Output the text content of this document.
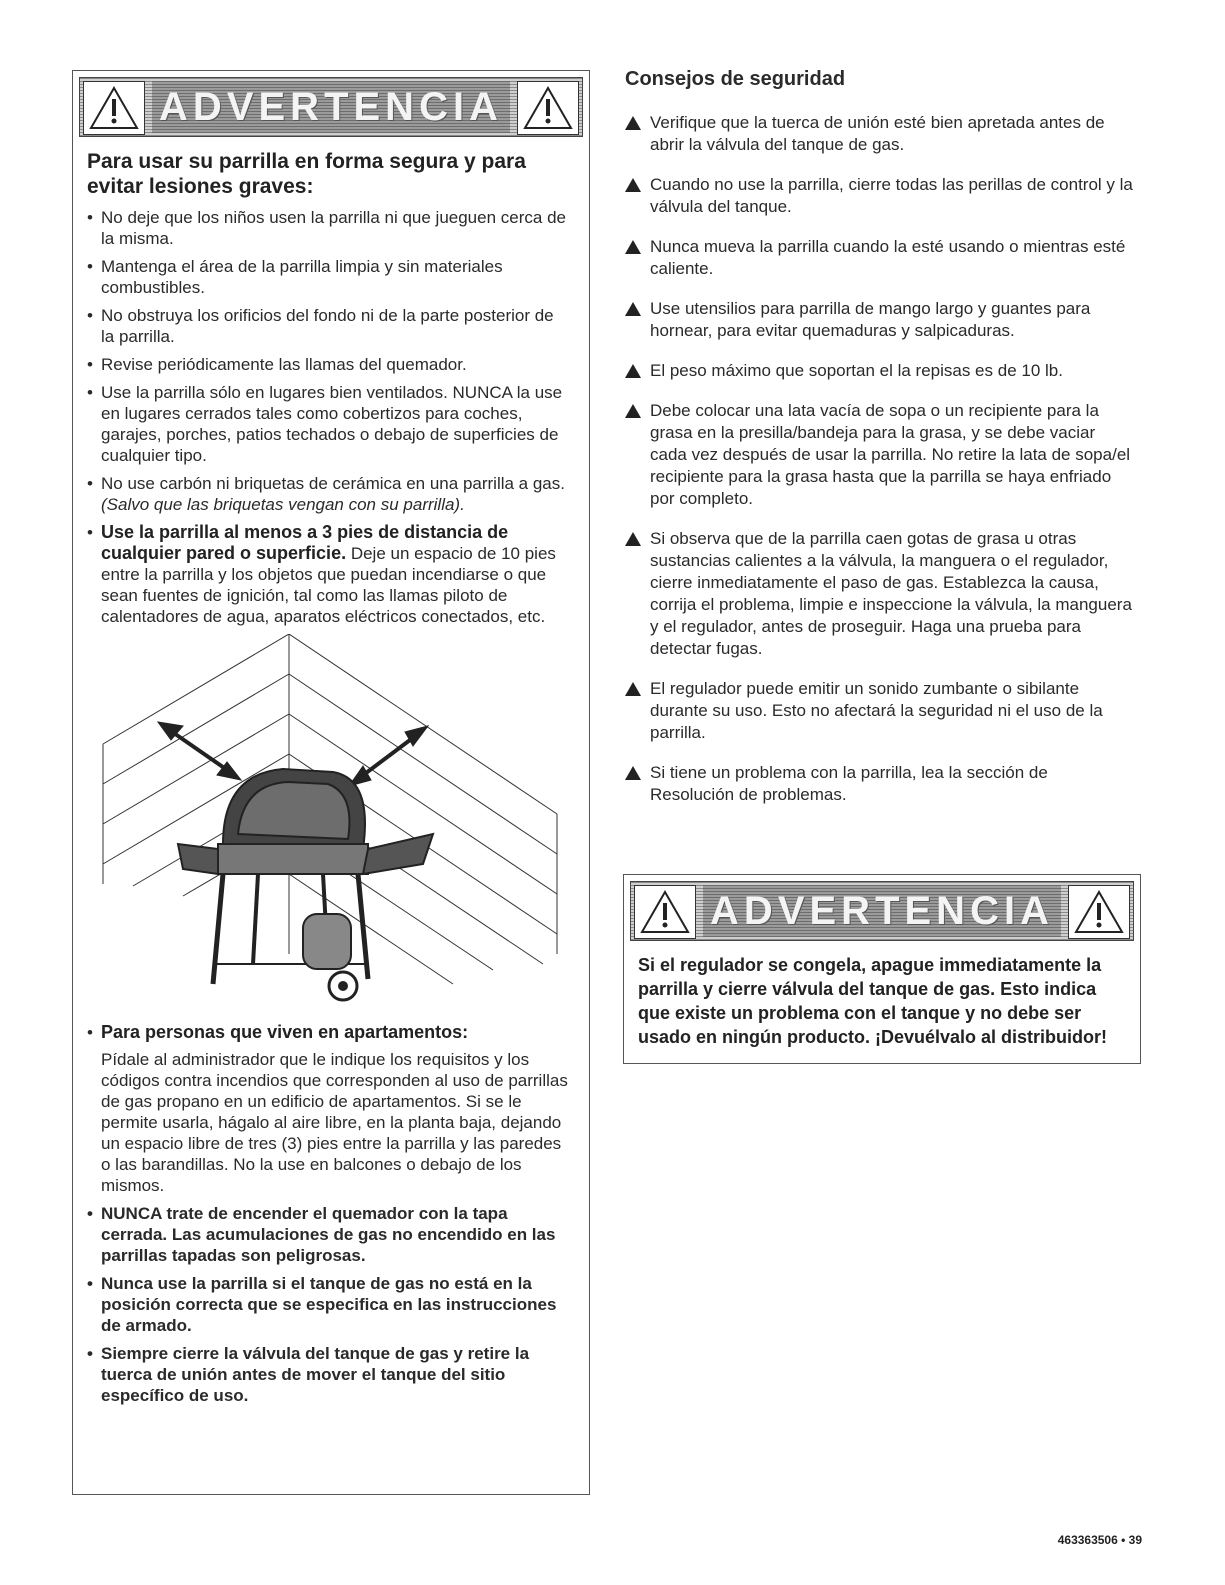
ADVERTENCIA
Para usar su parrilla en forma segura y para evitar lesiones graves:
• No deje que los niños usen la parrilla ni que jueguen cerca de la misma.
• Mantenga el área de la parrilla limpia y sin materiales combustibles.
• No obstruya los orificios del fondo ni de la parte posterior de la parrilla.
• Revise periódicamente las llamas del quemador.
• Use la parrilla sólo en lugares bien ventilados. NUNCA la use en lugares cerrados tales como cobertizos para coches, garajes, porches, patios techados o debajo de superficies de cualquier tipo.
• No use carbón ni briquetas de cerámica en una parrilla a gas. (Salvo que las briquetas vengan con su parrilla).
• Use la parrilla al menos a 3 pies de distancia de cualquier pared o superficie. Deje un espacio de 10 pies entre la parrilla y los objetos que puedan incendiarse o que sean fuentes de ignición, tal como las llamas piloto de calentadores de agua, aparatos eléctricos conectados, etc.
• Para personas que viven en apartamentos:
Pídale al administrador que le indique los requisitos y los códigos contra incendios que corresponden al uso de parrillas de gas propano en un edificio de apartamentos. Si se le permite usarla, hágalo al aire libre, en la planta baja, dejando un espacio libre de tres (3) pies entre la parrilla y las paredes o las barandillas. No la use en balcones o debajo de los mismos.
• NUNCA trate de encender el quemador con la tapa cerrada. Las acumulaciones de gas no encendido en las parrillas tapadas son peligrosas.
• Nunca use la parrilla si el tanque de gas no está en la posición correcta que se especifica en las instrucciones de armado.
• Siempre cierre la válvula del tanque de gas y retire la tuerca de unión antes de mover el tanque del sitio específico de uso.
Consejos de seguridad
Verifique que la tuerca de unión esté bien apretada antes de abrir la válvula del tanque de gas.
Cuando no use la parrilla, cierre todas las perillas de control y la válvula del tanque.
Nunca mueva la parrilla cuando la esté usando o mientras esté caliente.
Use utensilios para parrilla de mango largo y guantes para hornear, para evitar quemaduras y salpicaduras.
El peso máximo que soportan el la repisas es de 10 lb.
Debe colocar una lata vacía de sopa o un recipiente para la grasa en la presilla/bandeja para la grasa, y se debe vaciar cada vez después de usar la parrilla. No retire la lata de sopa/el recipiente para la grasa hasta que la parrilla se haya enfriado por completo.
Si observa que de la parrilla caen gotas de grasa u otras sustancias calientes a la válvula, la manguera o el regulador, cierre inmediatamente el paso de gas. Establezca la causa, corrija el problema, limpie e inspeccione la válvula, la manguera y el regulador, antes de proseguir. Haga una prueba para detectar fugas.
El regulador puede emitir un sonido zumbante o sibilante durante su uso. Esto no afectará la seguridad ni el uso de la parrilla.
Si tiene un problema con la parrilla, lea la sección de Resolución de problemas.
ADVERTENCIA
Si el regulador se congela, apague immediatamente la parrilla y cierre válvula del tanque de gas. Esto indica que existe un problema con el tanque y no debe ser usado en ningún producto. ¡Devuélvalo al distribuidor!
463363506 • 39
